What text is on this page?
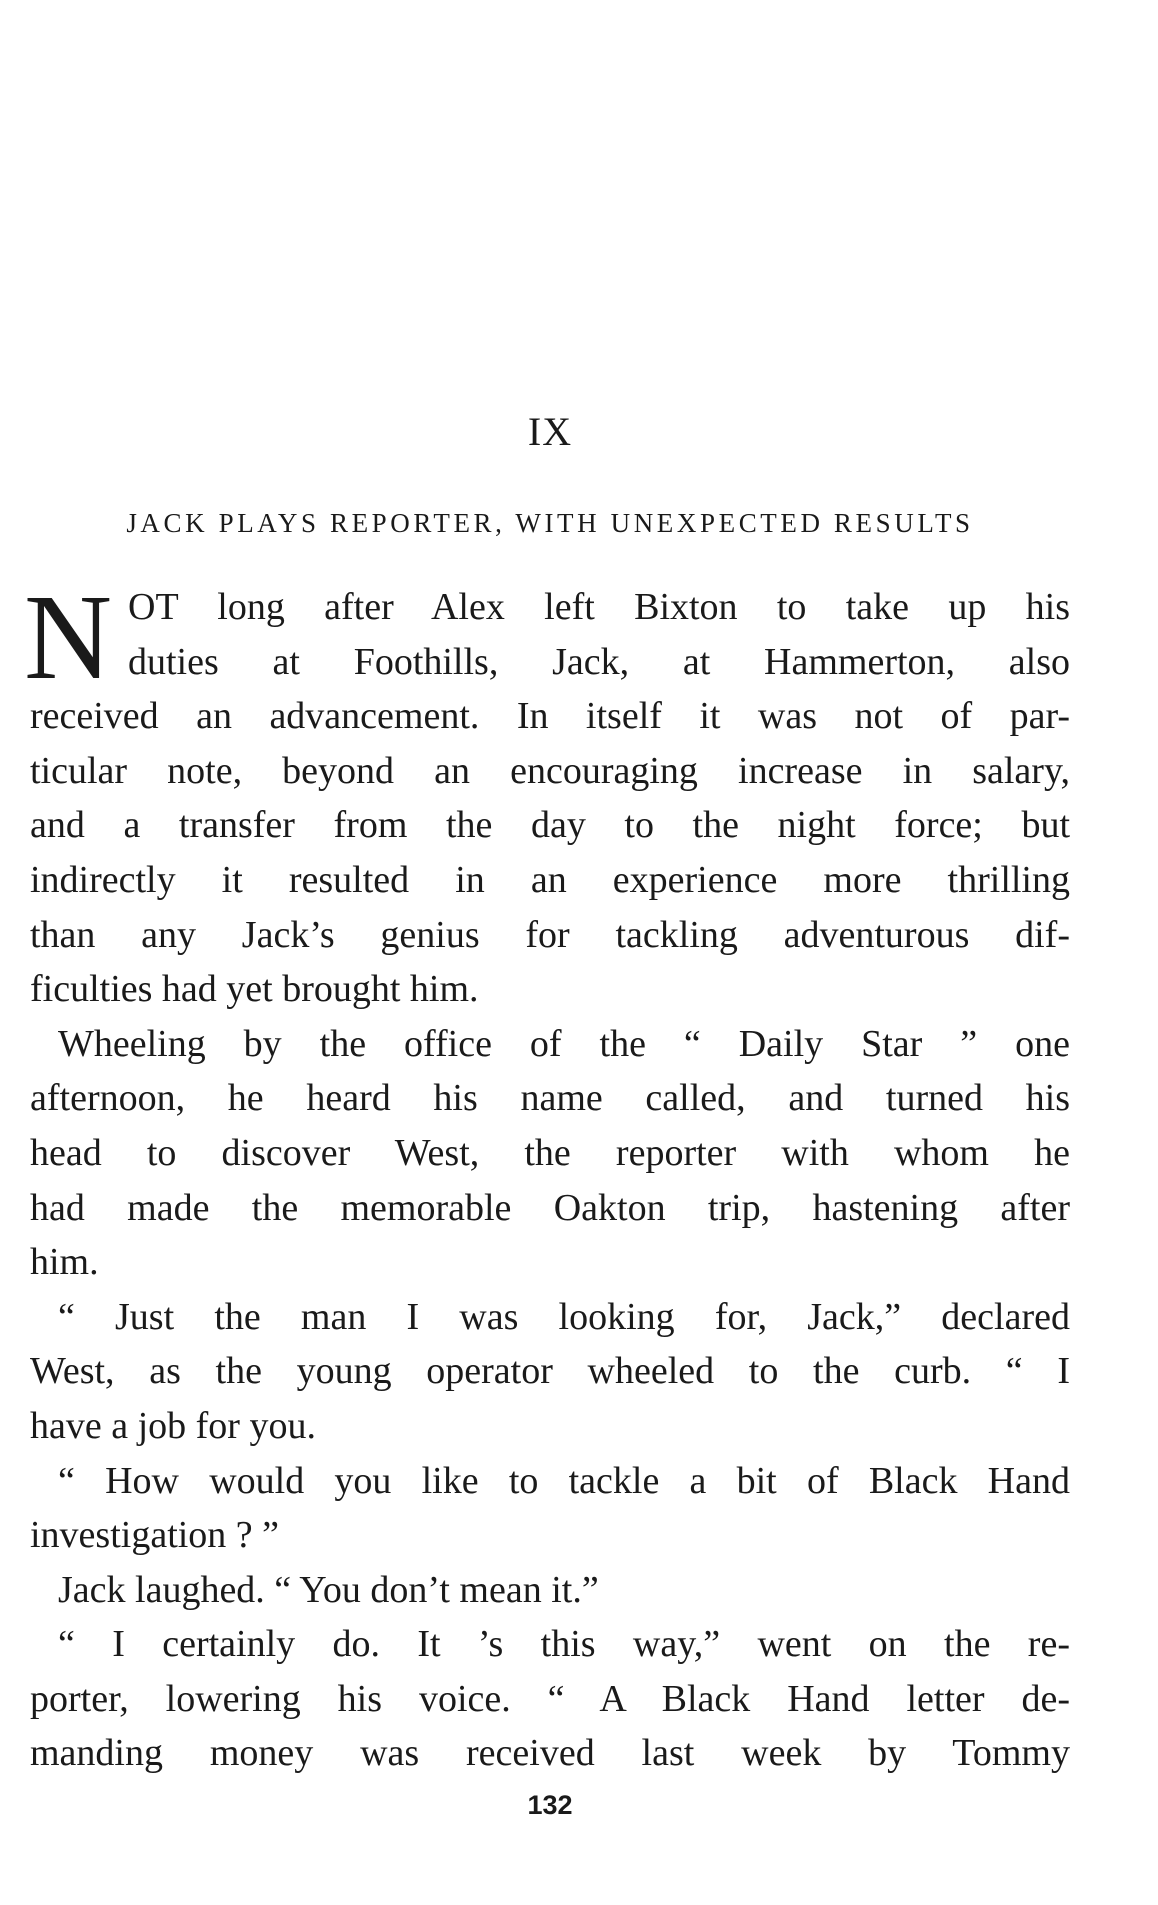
IX
JACK PLAYS REPORTER, WITH UNEXPECTED RESULTS
N OT long after Alex left Bixton to take up his
duties at Foothills, Jack, at Hammerton, also
received an advancement. In itself it was not of par-
ticular note, beyond an encouraging increase in salary,
and a transfer from the day to the night force; but
indirectly it resulted in an experience more thrilling
than any Jack’s genius for tackling adventurous dif-
ficulties had yet brought him.
Wheeling by the office of the “ Daily Star ” one
afternoon, he heard his name called, and turned his
head to discover West, the reporter with whom he
had made the memorable Oakton trip, hastening after
him.
“ Just the man I was looking for, Jack,” declared
West, as the young operator wheeled to the curb. “ I
have a job for you.
“ How would you like to tackle a bit of Black Hand
investigation ? ”
Jack laughed. “ You don’t mean it.”
“ I certainly do. It ’s this way,” went on the re-
porter, lowering his voice. “ A Black Hand letter de-
manding money was received last week by Tommy
132
